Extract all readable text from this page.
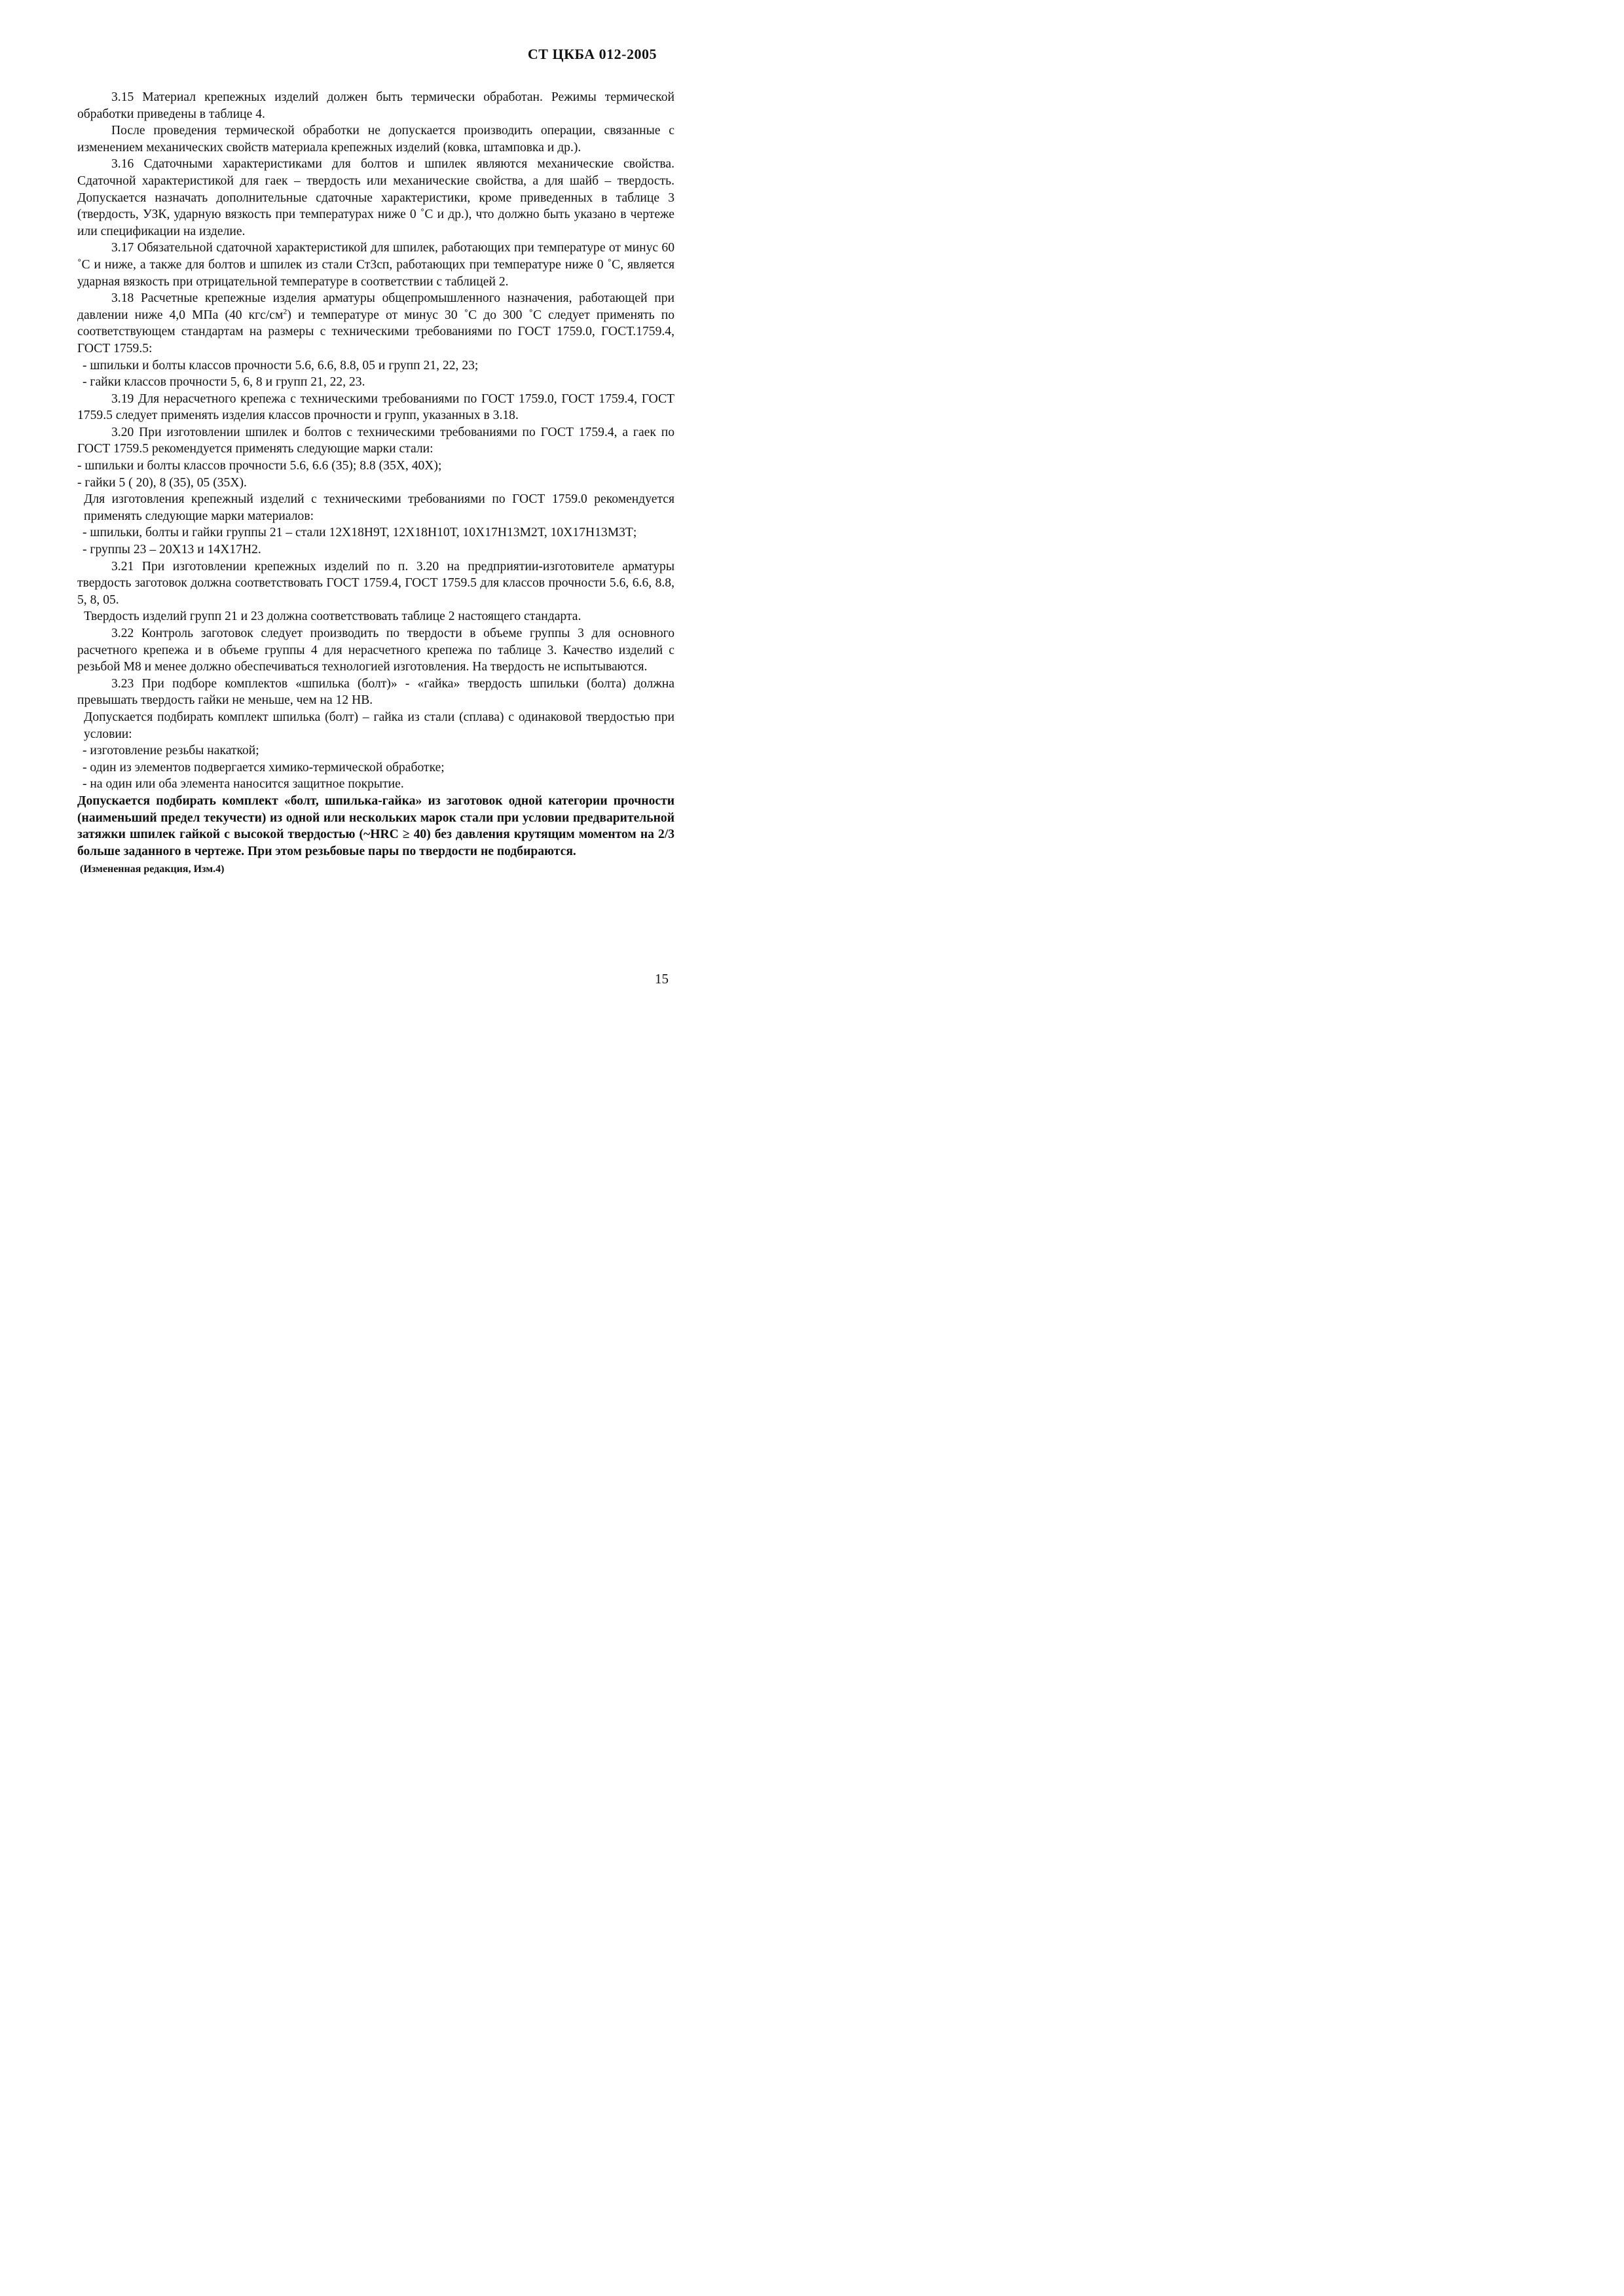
СТ ЦКБА 012-2005

3.15 Материал крепежных изделий должен быть термически обработан. Режимы термической обработки приведены в таблице 4.

После проведения термической обработки не допускается производить операции, связанные с изменением механических свойств материала крепежных изделий (ковка, штамповка и др.).

3.16 Сдаточными характеристиками для болтов и шпилек являются механические свойства. Сдаточной характеристикой для гаек – твердость или механические свойства, а для шайб – твердость. Допускается назначать дополнительные сдаточные характеристики, кроме приведенных в таблице 3 (твердость, УЗК, ударную вязкость при температурах ниже 0 ˚С и др.), что должно быть указано в чертеже или спецификации на изделие.

3.17 Обязательной сдаточной характеристикой для шпилек, работающих при температуре от минус 60 ˚С и ниже, а также для болтов и шпилек из стали Ст3сп, работающих при температуре ниже 0 ˚С, является ударная вязкость при отрицательной температуре в соответствии с таблицей 2.

3.18 Расчетные крепежные изделия арматуры общепромышленного назначения, работающей при давлении ниже 4,0 МПа (40 кгс/$см^2$) и температуре от минус 30 ˚С до 300 ˚С следует применять по соответствующем стандартам на размеры с техническими требованиями по ГОСТ 1759.0, ГОСТ.1759.4, ГОСТ 1759.5:

- шпильки и болты классов прочности 5.6, 6.6, 8.8, 05 и групп 21, 22, 23;

- гайки классов прочности 5, 6, 8 и групп 21, 22, 23.

3.19 Для нерасчетного крепежа с техническими требованиями по ГОСТ 1759.0, ГОСТ 1759.4, ГОСТ 1759.5 следует применять изделия классов прочности и групп, указанных в 3.18.

3.20 При изготовлении шпилек и болтов с техническими требованиями по ГОСТ 1759.4, а гаек по ГОСТ 1759.5 рекомендуется применять следующие марки стали:

- шпильки и болты классов прочности 5.6, 6.6 (35); 8.8 (35Х, 40Х);

- гайки 5 ( 20), 8 (35), 05 (35Х).

Для изготовления крепежный изделий с техническими требованиями по ГОСТ 1759.0 рекомендуется применять следующие марки материалов:

- шпильки, болты и гайки группы 21 – стали 12Х18Н9Т, 12Х18Н10Т, 10Х17Н13М2Т, 10Х17Н13М3Т;

- группы 23 – 20Х13 и 14Х17Н2.

3.21 При изготовлении крепежных изделий по п. 3.20 на предприятии-изготовителе арматуры твердость заготовок должна соответствовать ГОСТ 1759.4, ГОСТ 1759.5 для классов прочности 5.6, 6.6, 8.8, 5, 8, 05.

Твердость изделий групп 21 и 23 должна соответствовать таблице 2 настоящего стандарта.

3.22 Контроль заготовок следует производить по твердости в объеме группы 3 для основного расчетного крепежа и в объеме группы 4 для нерасчетного крепежа по таблице 3. Качество изделий с резьбой М8 и менее должно обеспечиваться технологией изготовления. На твердость не испытываются.

3.23 При подборе комплектов «шпилька (болт)» - «гайка» твердость шпильки (болта) должна превышать твердость гайки не меньше, чем на 12 НВ.

Допускается подбирать комплект шпилька (болт) – гайка из стали (сплава) с одинаковой твердостью при условии:

- изготовление резьбы накаткой;

- один из элементов подвергается химико-термической обработке;

- на один или оба элемента наносится защитное покрытие.

Допускается подбирать комплект «болт, шпилька-гайка» из заготовок одной категории прочности (наименьший предел текучести) из одной или нескольких марок стали при условии предварительной затяжки шпилек гайкой с высокой твердостью (~HRC ≥ 40) без давления крутящим моментом на 2/3 больше заданного в чертеже. При этом резьбовые пары по твердости не подбираются.

(Измененная редакция, Изм.4)

15
